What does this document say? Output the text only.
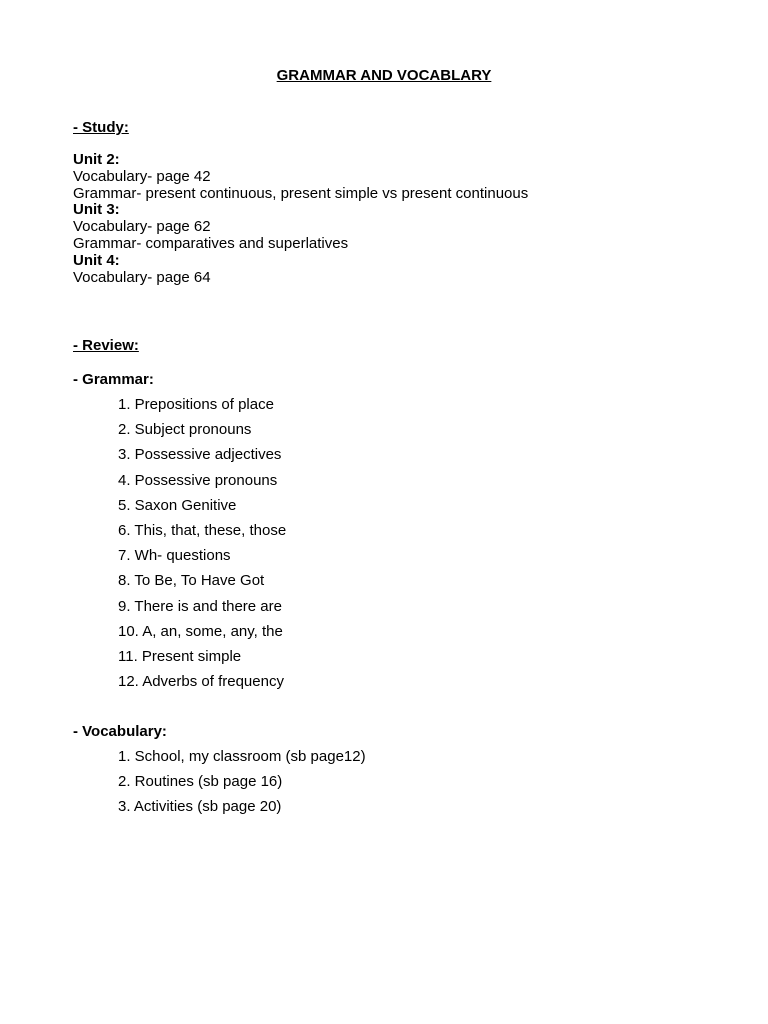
GRAMMAR AND VOCABLARY
- Study:
Unit 2:
Vocabulary- page 42
Grammar- present continuous, present simple vs present continuous
Unit 3:
Vocabulary- page 62
Grammar- comparatives and superlatives
Unit 4:
Vocabulary- page 64
- Review:
- Grammar:
1. Prepositions of place
2. Subject pronouns
3. Possessive adjectives
4. Possessive pronouns
5. Saxon Genitive
6. This, that, these, those
7. Wh- questions
8. To Be, To Have Got
9. There is and there are
10. A, an, some, any, the
11. Present simple
12. Adverbs of frequency
- Vocabulary:
1. School, my classroom (sb page12)
2. Routines (sb page 16)
3. Activities (sb page 20)
